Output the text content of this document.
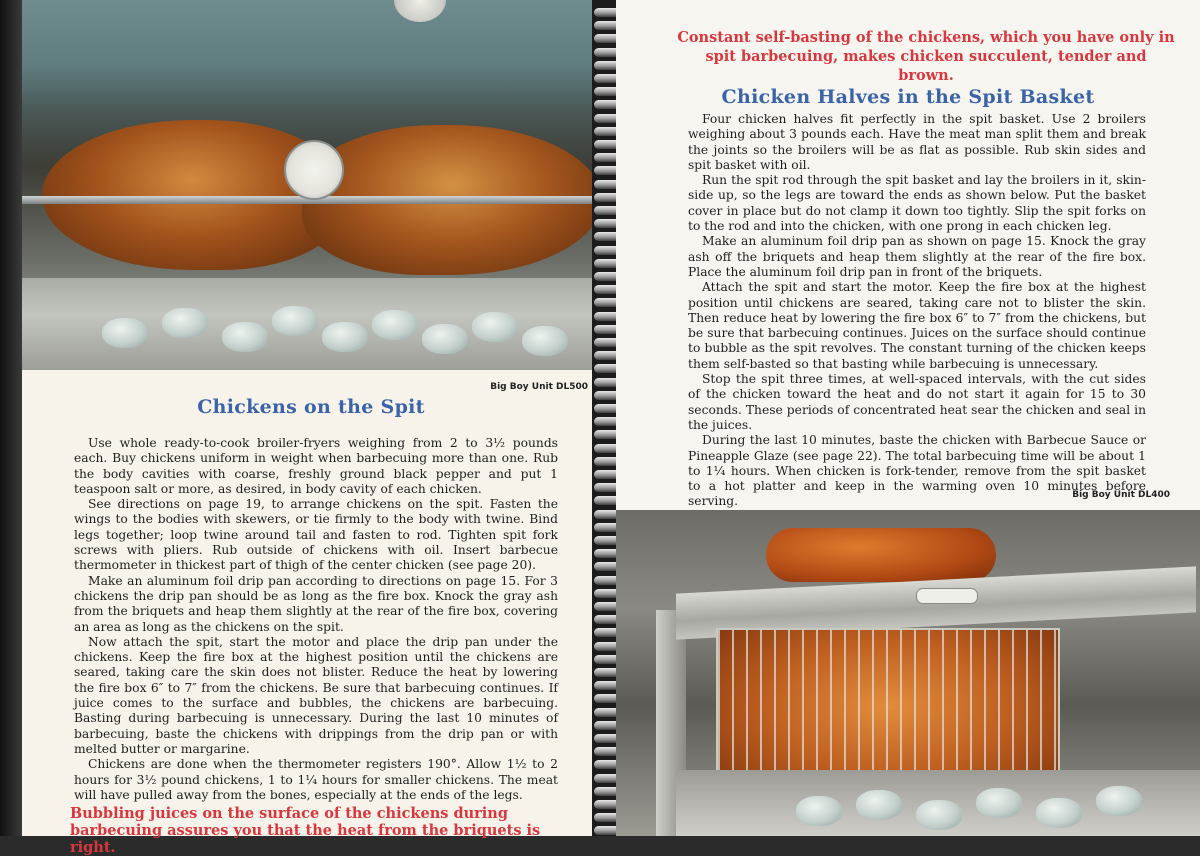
Big Boy Unit DL500
Chickens on the Spit

Use whole ready-to-cook broiler-fryers weighing from 2 to 3½ pounds each. Buy chickens uniform in weight when barbecuing more than one. Rub the body cavities with coarse, freshly ground black pepper and put 1 teaspoon salt or more, as desired, in body cavity of each chicken.

See directions on page 19, to arrange chickens on the spit. Fasten the wings to the bodies with skewers, or tie firmly to the body with twine. Bind legs together; loop twine around tail and fasten to rod. Tighten spit fork screws with pliers. Rub outside of chickens with oil. Insert barbecue thermometer in thickest part of thigh of the center chicken (see page 20).

Make an aluminum foil drip pan according to directions on page 15. For 3 chickens the drip pan should be as long as the fire box. Knock the gray ash from the briquets and heap them slightly at the rear of the fire box, covering an area as long as the chickens on the spit.

Now attach the spit, start the motor and place the drip pan under the chickens. Keep the fire box at the highest position until the chickens are seared, taking care the skin does not blister. Reduce the heat by lowering the fire box 6″ to 7″ from the chickens. Be sure that barbecuing continues. If juice comes to the surface and bubbles, the chickens are barbecuing. Basting during barbecuing is unnecessary. During the last 10 minutes of barbecuing, baste the chickens with drippings from the drip pan or with melted butter or margarine.

Chickens are done when the thermometer registers 190°. Allow 1½ to 2 hours for 3½ pound chickens, 1 to 1¼ hours for smaller chickens. The meat will have pulled away from the bones, especially at the ends of the legs.

Bubbling juices on the surface of the chickens during barbecuing assures you that the heat from the briquets is right.
Constant self-basting of the chickens, which you have only in spit barbecuing, makes chicken succulent, tender and brown.
Chicken Halves in the Spit Basket

Four chicken halves fit perfectly in the spit basket. Use 2 broilers weighing about 3 pounds each. Have the meat man split them and break the joints so the broilers will be as flat as possible. Rub skin sides and spit basket with oil.

Run the spit rod through the spit basket and lay the broilers in it, skin-side up, so the legs are toward the ends as shown below. Put the basket cover in place but do not clamp it down too tightly. Slip the spit forks on to the rod and into the chicken, with one prong in each chicken leg.

Make an aluminum foil drip pan as shown on page 15. Knock the gray ash off the briquets and heap them slightly at the rear of the fire box. Place the aluminum foil drip pan in front of the briquets.

Attach the spit and start the motor. Keep the fire box at the highest position until chickens are seared, taking care not to blister the skin. Then reduce heat by lowering the fire box 6″ to 7″ from the chickens, but be sure that barbecuing continues. Juices on the surface should continue to bubble as the spit revolves. The constant turning of the chicken keeps them self-basted so that basting while barbecuing is unnecessary.

Stop the spit three times, at well-spaced intervals, with the cut sides of the chicken toward the heat and do not start it again for 15 to 30 seconds. These periods of concentrated heat sear the chicken and seal in the juices.

During the last 10 minutes, baste the chicken with Barbecue Sauce or Pineapple Glaze (see page 22). The total barbecuing time will be about 1 to 1¼ hours. When chicken is fork-tender, remove from the spit basket to a hot platter and keep in the warming oven 10 minutes before serving.	Big Boy Unit DL400
